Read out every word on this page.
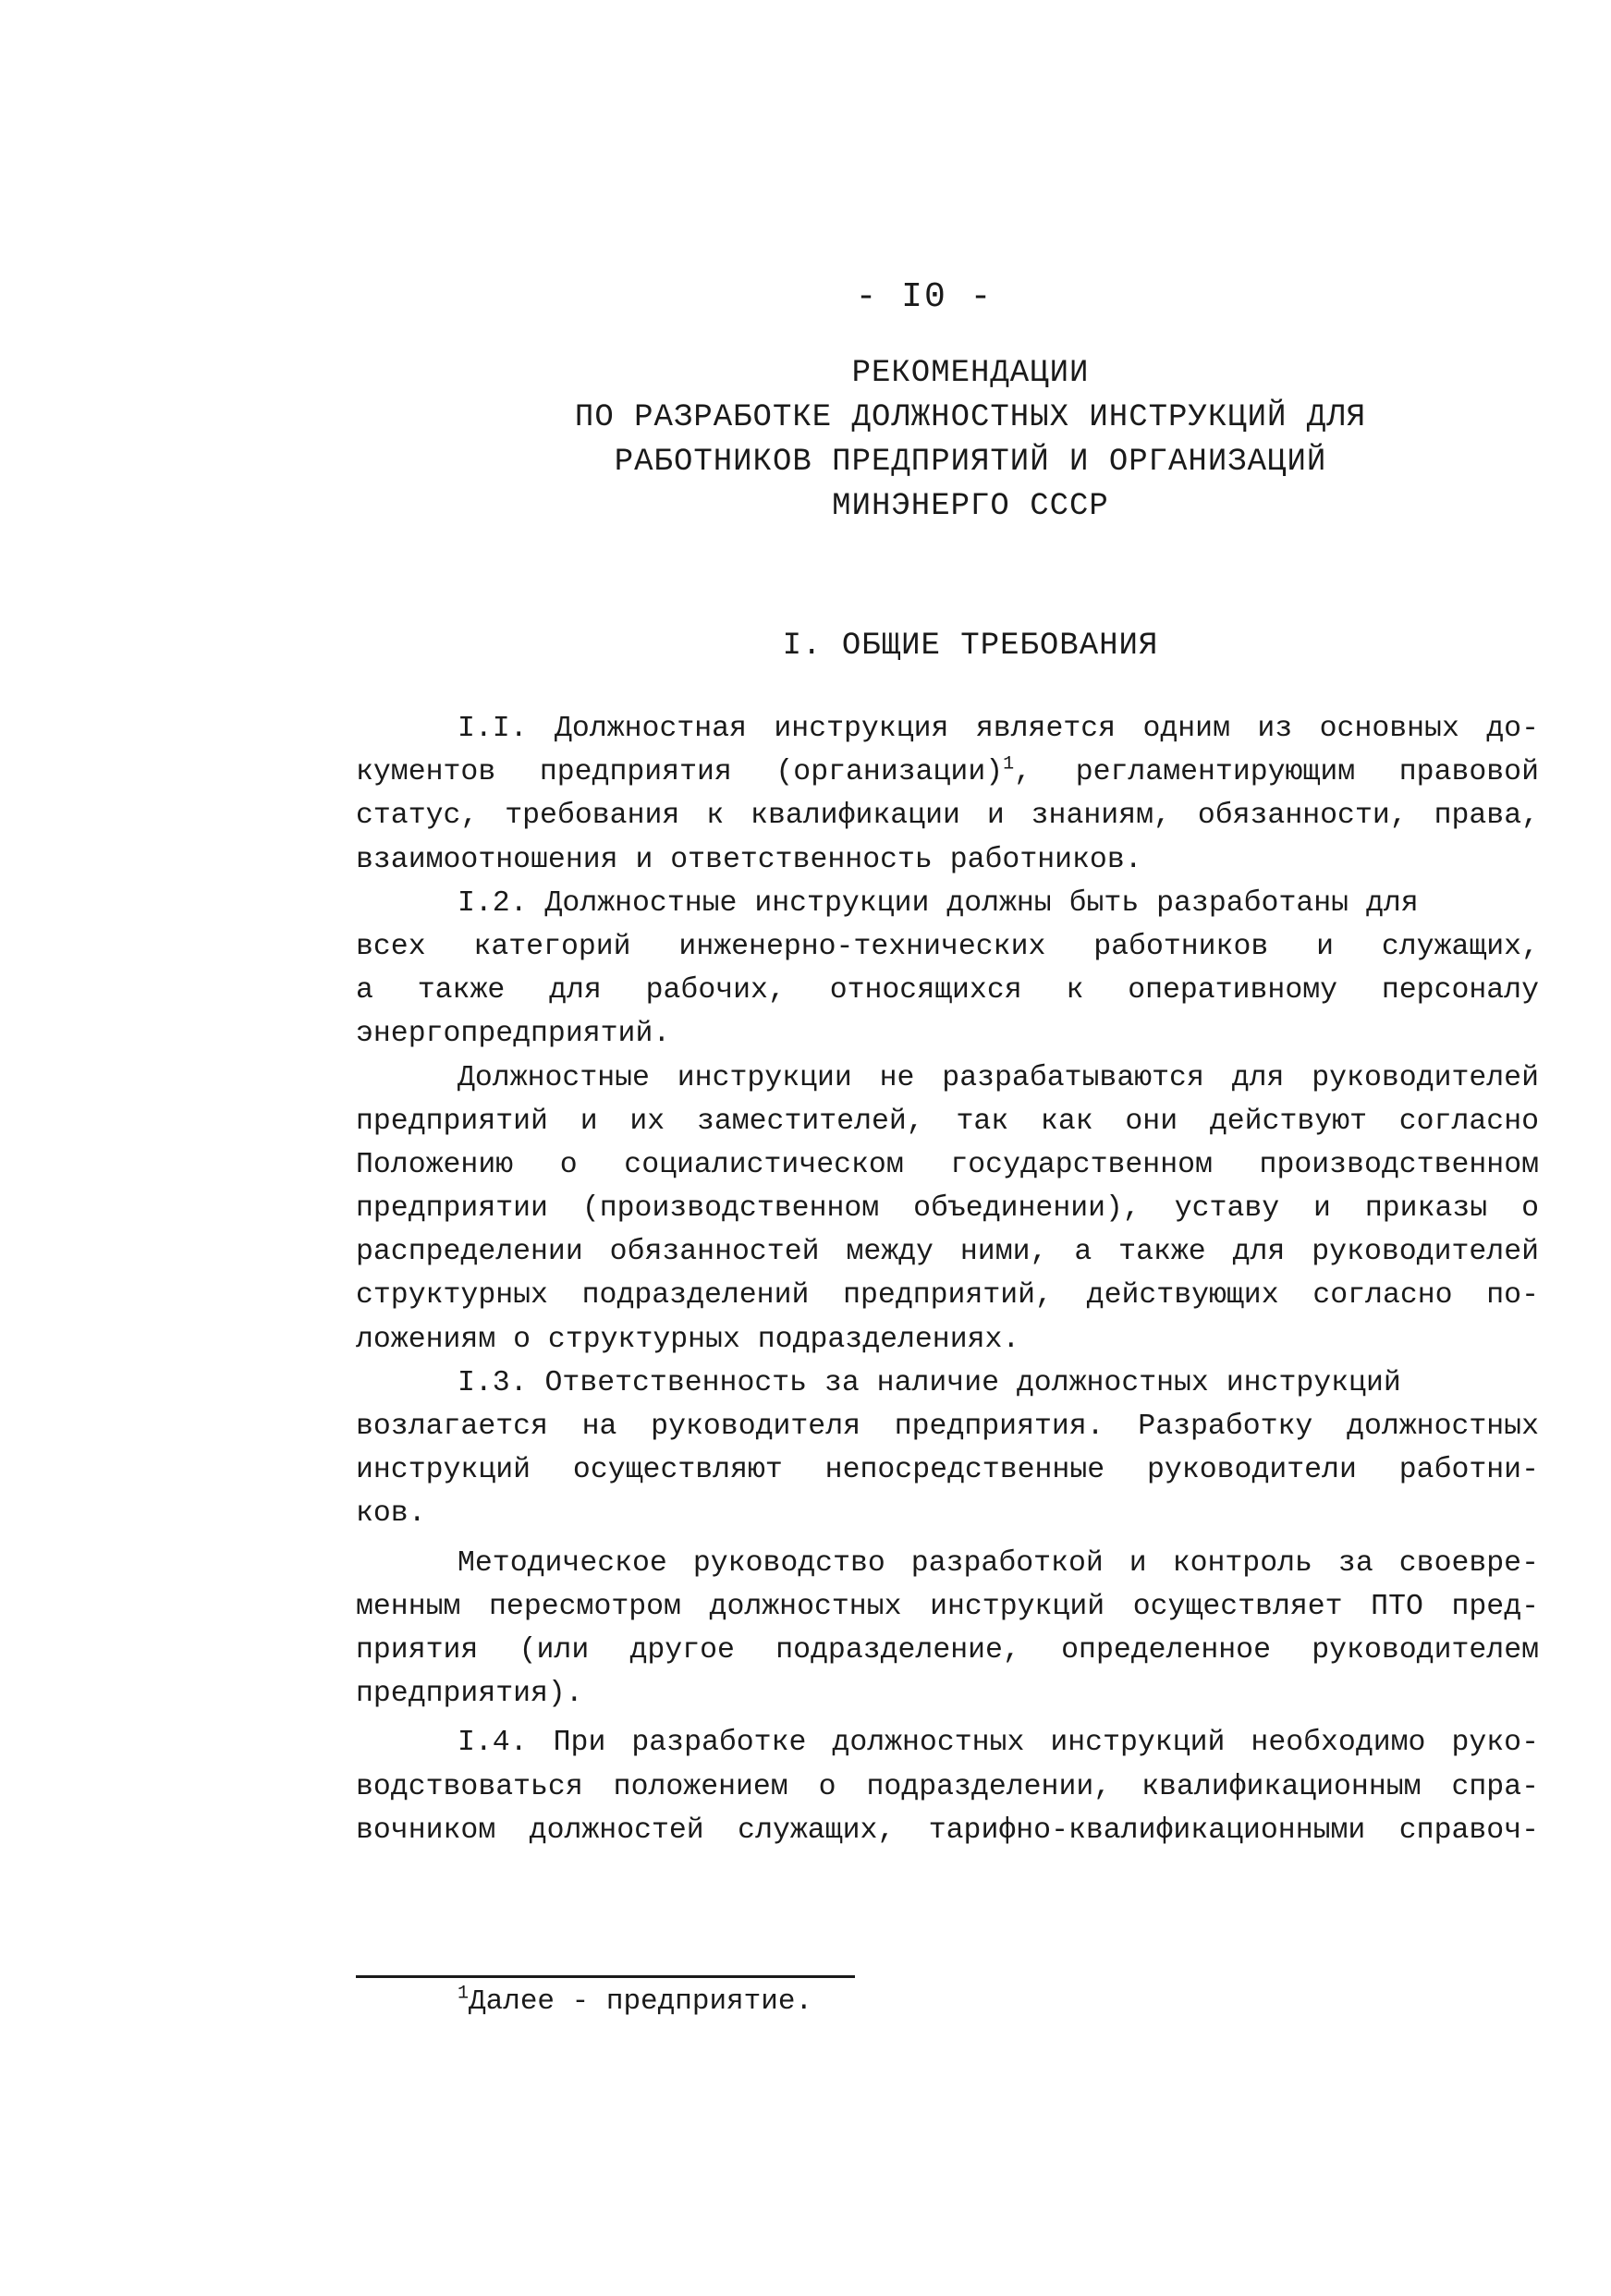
- I0 -
РЕКОМЕНДАЦИИ
ПО РАЗРАБОТКЕ ДОЛЖНОСТНЫХ ИНСТРУКЦИЙ ДЛЯ
РАБОТНИКОВ ПРЕДПРИЯТИЙ И ОРГАНИЗАЦИЙ
МИНЭНЕРГО СССР
I. ОБЩИЕ ТРЕБОВАНИЯ
I.I. Должностная инструкция является одним из основных до-
кументов предприятия (организации)$^1$, регламентирующим правовой
статус, требования к квалификации и знаниям, обязанности, права,
взаимоотношения и ответственность работников.
I.2. Должностные инструкции должны быть разработаны для
всех категорий инженерно-технических работников и служащих,
а также для рабочих, относящихся к оперативному персоналу
энергопредприятий.
Должностные инструкции не разрабатываются для руководителей
предприятий и их заместителей, так как они действуют согласно
Положению о социалистическом государственном производственном
предприятии (производственном объединении), уставу и приказы о
распределении обязанностей между ними, а также для руководителей
структурных подразделений предприятий, действующих согласно по-
ложениям о структурных подразделениях.
I.3. Ответственность за наличие должностных инструкций
возлагается на руководителя предприятия. Разработку должностных
инструкций осуществляют непосредственные руководители работни-
ков.
Методическое руководство разработкой и контроль за своевре-
менным пересмотром должностных инструкций осуществляет ПТО пред-
приятия (или другое подразделение, определенное руководителем
предприятия).
I.4. При разработке должностных инструкций необходимо руко-
водствоваться положением о подразделении, квалификационным спра-
вочником должностей служащих, тарифно-квалификационными справоч-
$^1$Далее - предприятие.
